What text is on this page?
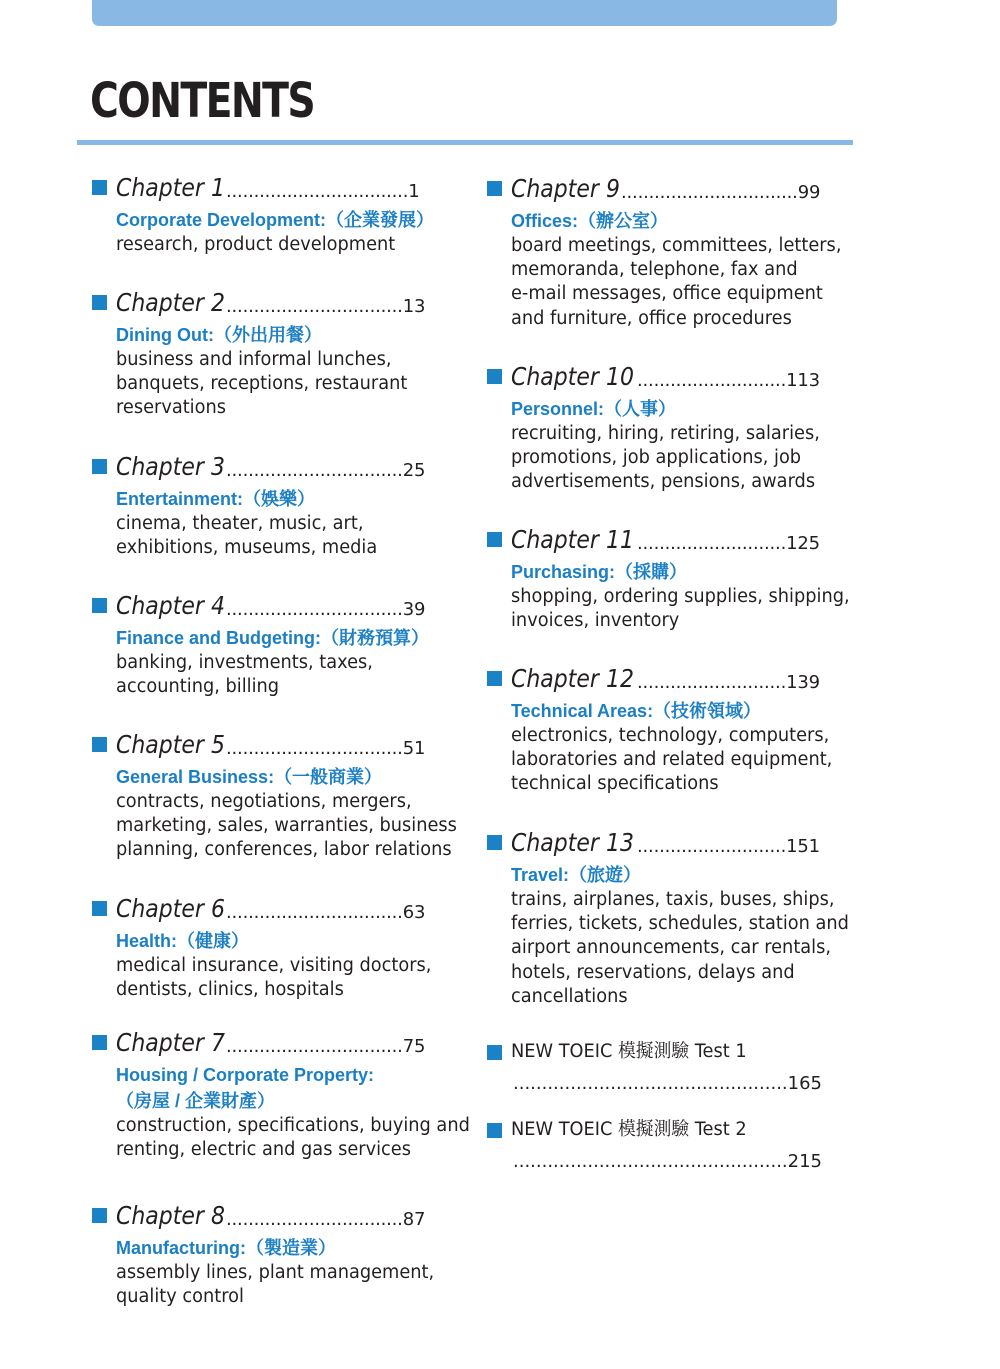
CONTENTS
Chapter 1 .................................1
Corporate Development:（企業發展）
research, product development
Chapter 2 ................................13
Dining Out:（外出用餐）
business and informal lunches,
banquets, receptions, restaurant
reservations
Chapter 3 ................................25
Entertainment:（娛樂）
cinema, theater, music, art,
exhibitions, museums, media
Chapter 4 ................................39
Finance and Budgeting:（財務預算）
banking, investments, taxes,
accounting, billing
Chapter 5 ................................51
General Business:（一般商業）
contracts, negotiations, mergers,
marketing, sales, warranties, business
planning, conferences, labor relations
Chapter 6 ................................63
Health:（健康）
medical insurance, visiting doctors,
dentists, clinics, hospitals
Chapter 7 ................................75
Housing / Corporate Property:
（房屋 / 企業財產）
construction, specifications, buying and
renting, electric and gas services
Chapter 8 ................................87
Manufacturing:（製造業）
assembly lines, plant management,
quality control
Chapter 9 ................................99
Offices:（辦公室）
board meetings, committees, letters,
memoranda, telephone, fax and
e-mail messages, office equipment
and furniture, office procedures
Chapter 10 ...........................113
Personnel:（人事）
recruiting, hiring, retiring, salaries,
promotions, job applications, job
advertisements, pensions, awards
Chapter 11 ...........................125
Purchasing:（採購）
shopping, ordering supplies, shipping,
invoices, inventory
Chapter 12 ...........................139
Technical Areas:（技術領域）
electronics, technology, computers,
laboratories and related equipment,
technical specifications
Chapter 13 ...........................151
Travel:（旅遊）
trains, airplanes, taxis, buses, ships,
ferries, tickets, schedules, station and
airport announcements, car rentals,
hotels, reservations, delays and
cancellations
NEW TOEIC 模擬測驗 Test 1
................................................165
NEW TOEIC 模擬測驗 Test 2
................................................215
